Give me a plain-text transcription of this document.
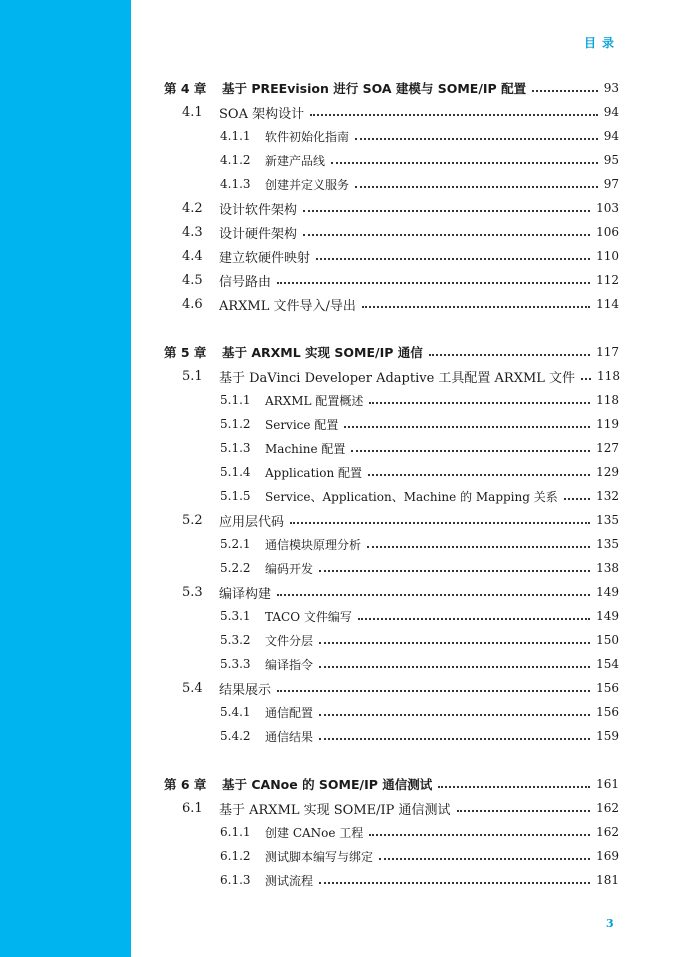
目录
第 4 章	基于 PREEvision 进行 SOA 建模与 SOME/IP 配置	93
4.1	SOA 架构设计	94
4.1.1	软件初始化指南	94
4.1.2	新建产品线	95
4.1.3	创建并定义服务	97
4.2	设计软件架构	103
4.3	设计硬件架构	106
4.4	建立软硬件映射	110
4.5	信号路由	112
4.6	ARXML 文件导入/导出	114
第 5 章	基于 ARXML 实现 SOME/IP 通信	117
5.1	基于 DaVinci Developer Adaptive 工具配置 ARXML 文件	118
5.1.1	ARXML 配置概述	118
5.1.2	Service 配置	119
5.1.3	Machine 配置	127
5.1.4	Application 配置	129
5.1.5	Service、Application、Machine 的 Mapping 关系	132
5.2	应用层代码	135
5.2.1	通信模块原理分析	135
5.2.2	编码开发	138
5.3	编译构建	149
5.3.1	TACO 文件编写	149
5.3.2	文件分层	150
5.3.3	编译指令	154
5.4	结果展示	156
5.4.1	通信配置	156
5.4.2	通信结果	159
第 6 章	基于 CANoe 的 SOME/IP 通信测试	161
6.1	基于 ARXML 实现 SOME/IP 通信测试	162
6.1.1	创建 CANoe 工程	162
6.1.2	测试脚本编写与绑定	169
6.1.3	测试流程	181
3
